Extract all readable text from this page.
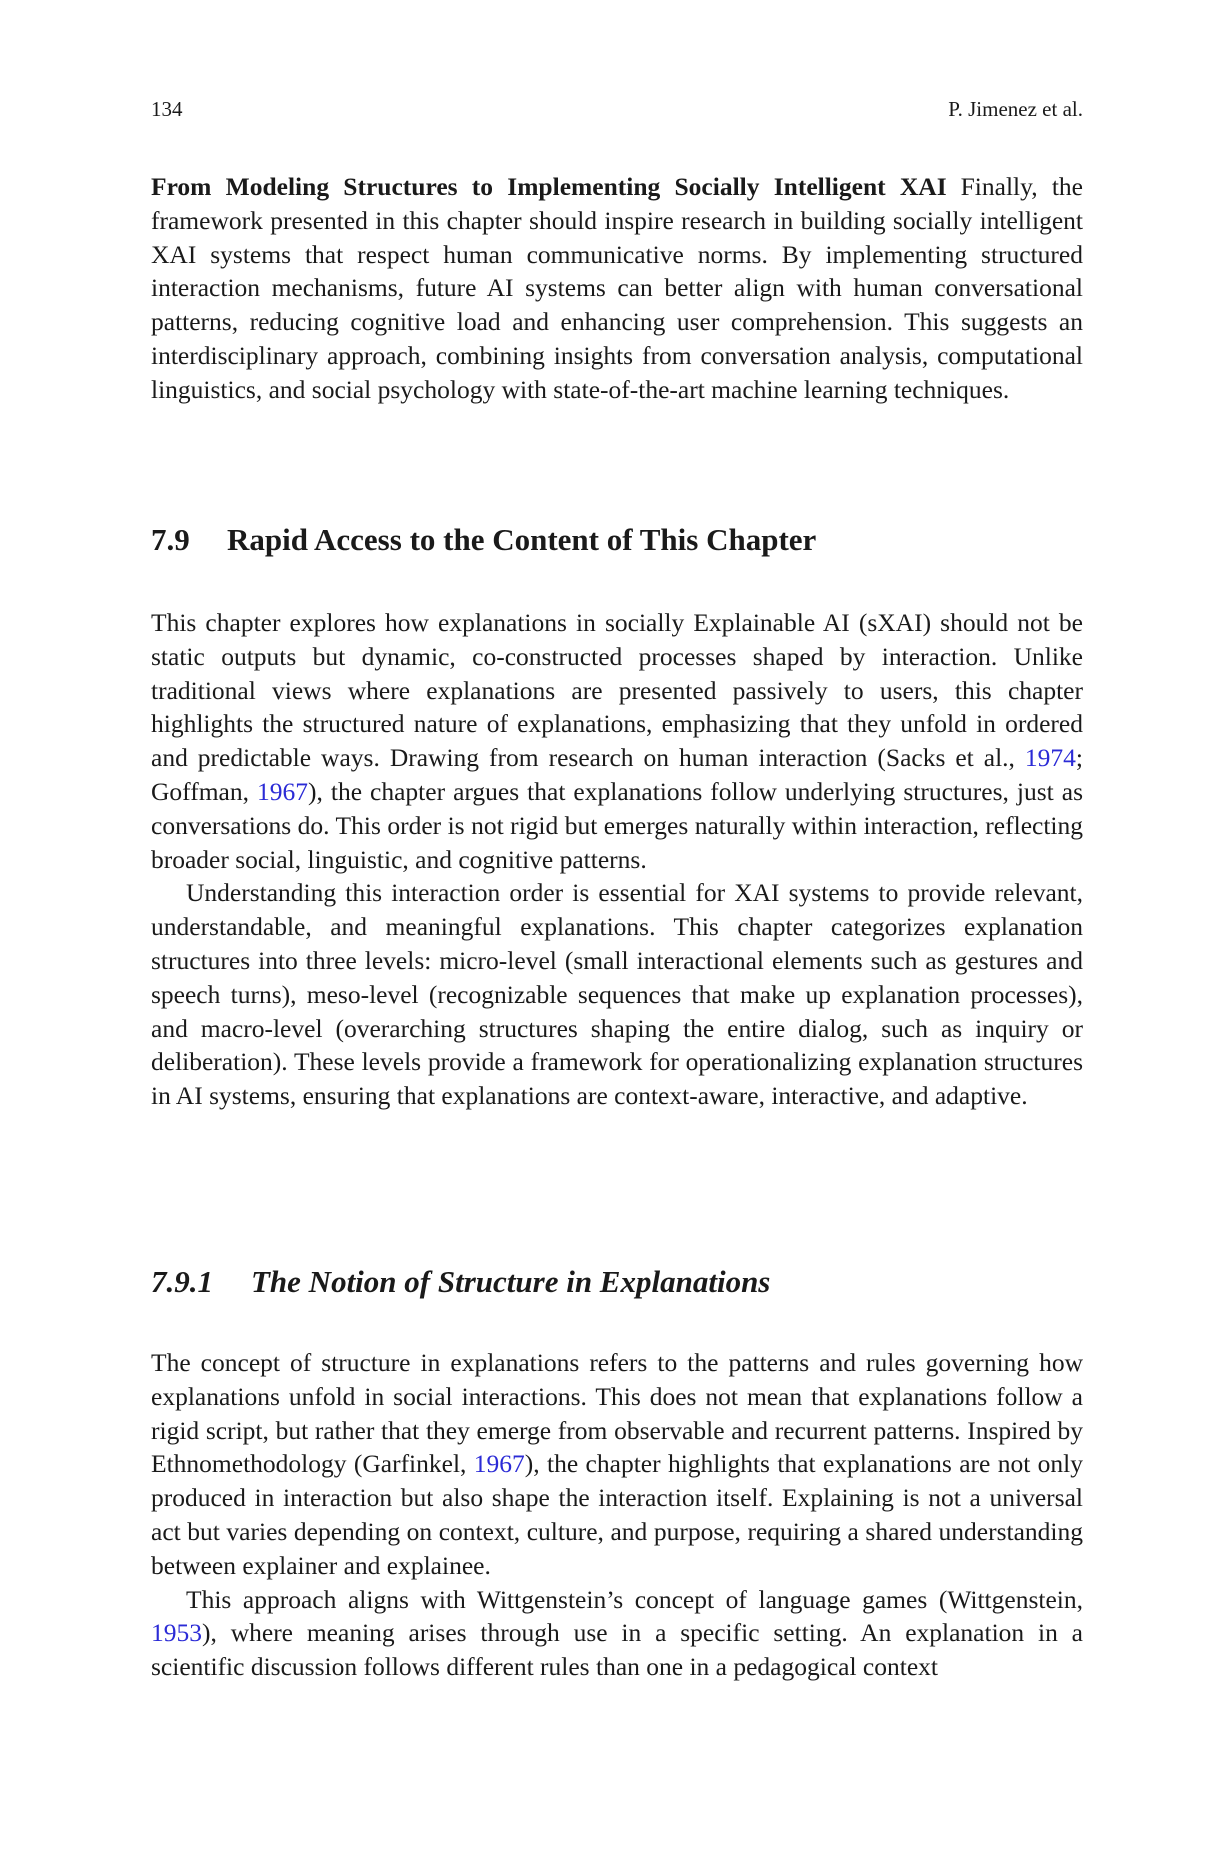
134	P. Jimenez et al.

From Modeling Structures to Implementing Socially Intelligent XAI Finally, the framework presented in this chapter should inspire research in building socially intelligent XAI systems that respect human communicative norms. By implementing structured interaction mechanisms, future AI systems can better align with human conversational patterns, reducing cognitive load and enhancing user comprehension. This suggests an interdisciplinary approach, combining insights from conversation analysis, computational linguistics, and social psychology with state-of-the-art machine learning techniques.

7.9 Rapid Access to the Content of This Chapter

This chapter explores how explanations in socially Explainable AI (sXAI) should not be static outputs but dynamic, co-constructed processes shaped by interaction. Unlike traditional views where explanations are presented passively to users, this chapter highlights the structured nature of explanations, emphasizing that they unfold in ordered and predictable ways. Drawing from research on human interaction (Sacks et al., 1974; Goffman, 1967), the chapter argues that explanations follow underlying structures, just as conversations do. This order is not rigid but emerges naturally within interaction, reflecting broader social, linguistic, and cognitive patterns.

Understanding this interaction order is essential for XAI systems to provide relevant, understandable, and meaningful explanations. This chapter categorizes explanation structures into three levels: micro-level (small interactional elements such as gestures and speech turns), meso-level (recognizable sequences that make up explanation processes), and macro-level (overarching structures shaping the entire dialog, such as inquiry or deliberation). These levels provide a framework for operationalizing explanation structures in AI systems, ensuring that explanations are context-aware, interactive, and adaptive.

7.9.1 The Notion of Structure in Explanations

The concept of structure in explanations refers to the patterns and rules governing how explanations unfold in social interactions. This does not mean that explanations follow a rigid script, but rather that they emerge from observable and recurrent patterns. Inspired by Ethnomethodology (Garfinkel, 1967), the chapter highlights that explanations are not only produced in interaction but also shape the interaction itself. Explaining is not a universal act but varies depending on context, culture, and purpose, requiring a shared understanding between explainer and explainee.

This approach aligns with Wittgenstein’s concept of language games (Wittgenstein, 1953), where meaning arises through use in a specific setting. An explanation in a scientific discussion follows different rules than one in a pedagogical context
